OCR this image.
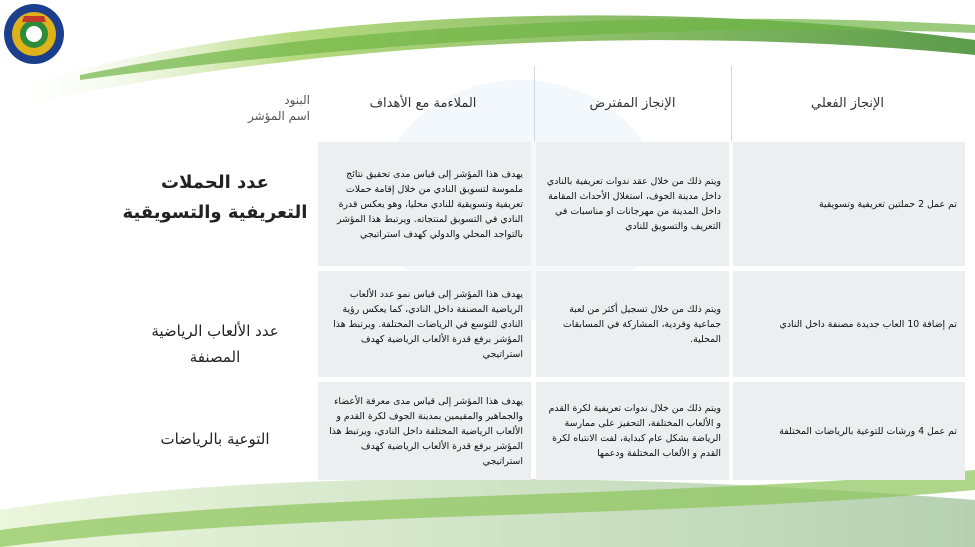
البنود
اسم المؤشر
الملاءمة مع الأهداف	الإنجاز المفترض	الإنجاز الفعلي
عدد الحملات التعريفية والتسويقية
يهدف هذا المؤشر إلى قياس مدى تحقيق نتائج ملموسة لتسويق النادي من خلال إقامة حملات تعريفية وتسويقية للنادي محليا، وهو يعكس قدرة النادي في التسويق لمنتجاته. ويرتبط هذا المؤشر بالتواجد المحلي والدولي كهدف استراتيجي
ويتم ذلك من خلال عقد ندوات تعريفية بالنادي داخل مدينة الجوف، استغلال الأحداث المقامة داخل المدينة من مهرجانات او مناسبات في التعريف والتسويق للنادي
تم عمل 2 حملتين تعريفية وتسويقية
عدد الألعاب الرياضية المصنفة
يهدف هذا المؤشر إلى قياس نمو عدد الألعاب الرياضية المصنفة داخل النادي، كما يعكس رؤية النادي للتوسع في الرياضات المختلفة. ويرتبط هذا المؤشر برفع قدرة الألعاب الرياضية كهدف استراتيجي
ويتم ذلك من خلال تسجيل أكثر من لعبة جماعية وفردية، المشاركة في المسابقات المحلية.
تم إضافة 10 العاب جديدة مصنفة داخل النادي
التوعية بالرياضات
يهدف هذا المؤشر إلى قياس مدى معرفة الأعضاء والجماهير والمقيمين بمدينة الجوف لكرة القدم و الألعاب الرياضية المختلفة داخل النادي، ويرتبط هذا المؤشر برفع قدرة الألعاب الرياضية كهدف استراتيجي
ويتم ذلك من خلال ندوات تعريفية لكرة القدم و الألعاب المختلفة، التحفيز على ممارسة الرياضة بشكل عام كبداية، لفت الانتباه لكرة القدم و الألعاب المختلفة ودعمها
تم عمل 4 ورشات للتوعية بالرياضات المختلفة
